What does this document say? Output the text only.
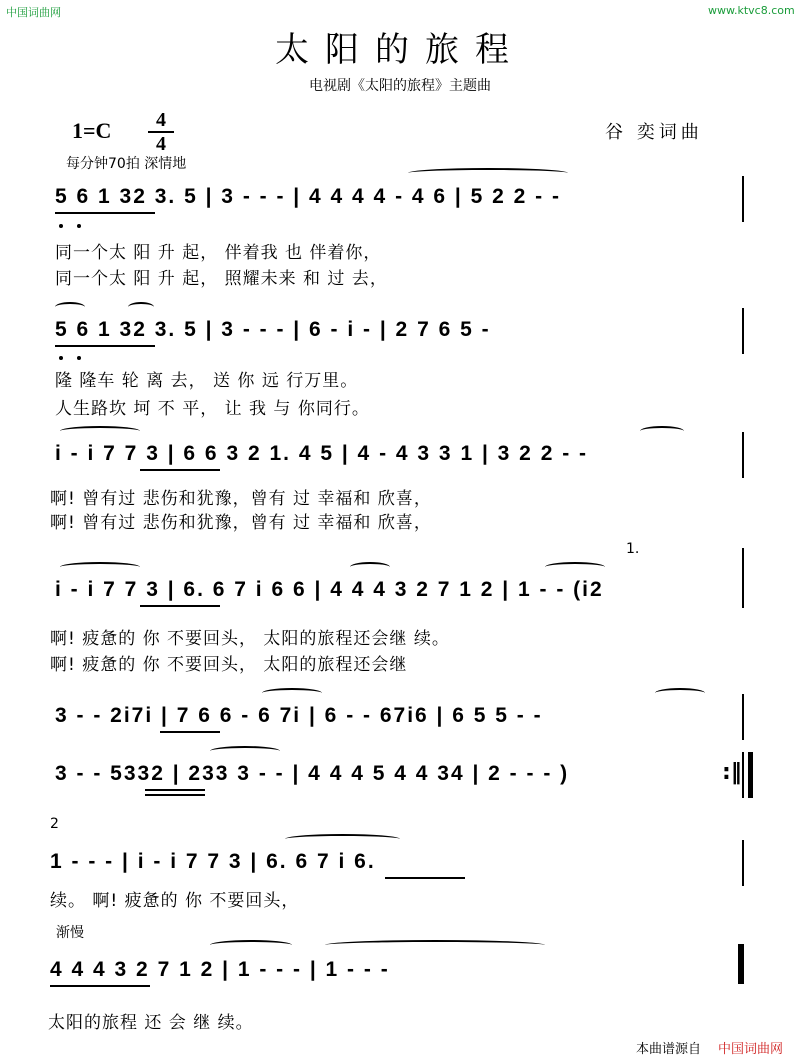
中国词曲网	www.ktvc8.com
太阳的旅程
电视剧《太阳的旅程》主题曲
1=C	4
4
谷 奕词曲
每分钟70拍 深情地
5 6 1 32 3. 5 | 3 - - - | 4 4 4 4 - 4 6 | 5 2 2 - -
同一个太 阳 升 起， 伴着我 也 伴着你，
同一个太 阳 升 起， 照耀未来 和 过 去，
5 6 1 32 3. 5 | 3 - - - | 6 - i - | 2 7 6 5 -
隆 隆车 轮 离 去， 送 你 远 行万里。
人生路坎 坷 不 平， 让 我 与 你同行。
i - i 7 7 3 | 6 6 3 2 1. 4 5 | 4 - 4 3 3 1 | 3 2 2 - -
啊! 曾有过 悲伤和犹豫，曾有 过 幸福和 欣喜，
啊! 曾有过 悲伤和犹豫，曾有 过 幸福和 欣喜，
1.
i - i 7 7 3 | 6. 6 7 i 6 6 | 4 4 4 3 2 7 1 2 | 1 - - (i2
啊! 疲惫的 你 不要回头， 太阳的旅程还会继 续。
啊! 疲惫的 你 不要回头， 太阳的旅程还会继
3 - - 2i7i | 7 6 6 - 6 7i | 6 - - 67i6 | 6 5 5 - -
3 - - 5332 | 233 3 - - | 4 4 4 5 4 4 34 | 2 - - - )	:‖
2
1 - - - | i - i 7 7 3 | 6. 6 7 i 6.
续。 啊! 疲惫的 你 不要回头，
渐慢
4 4 4 3 2 7 1 2 | 1 - - - | 1 - - -
太阳的旅程 还 会 继 续。
本曲谱源自 中国词曲网
